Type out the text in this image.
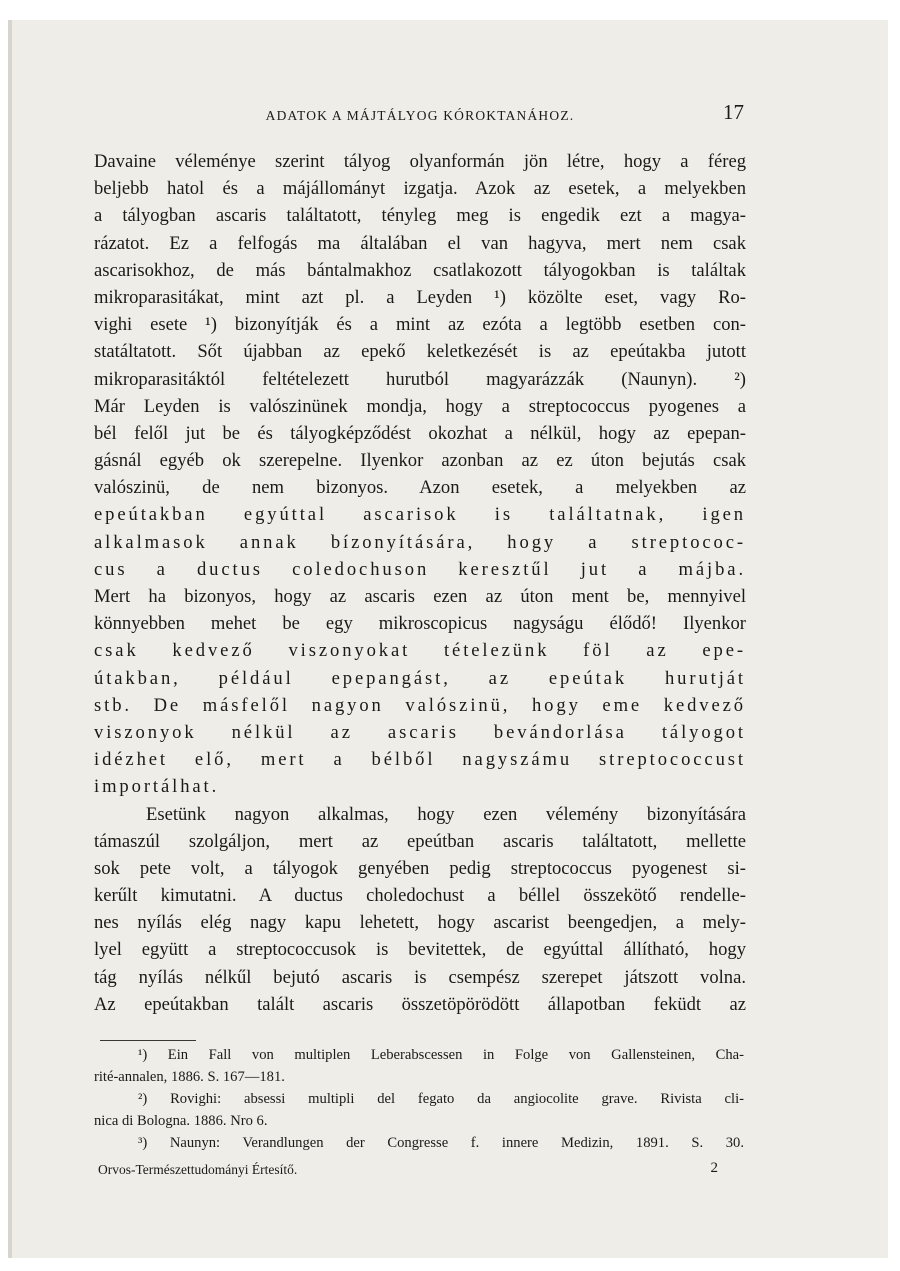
ADATOK A MÁJTÁLYOG KÓROKTANÁHOZ.	17
Davaine véleménye szerint tályog olyanformán jön létre, hogy a féreg
beljebb hatol és a májállományt izgatja. Azok az esetek, a melyekben
a tályogban ascaris találtatott, tényleg meg is engedik ezt a magya-
rázatot. Ez a felfogás ma általában el van hagyva, mert nem csak
ascarisokhoz, de más bántalmakhoz csatlakozott tályogokban is találtak
mikroparasitákat, mint azt pl. a Leyden ¹) közölte eset, vagy Ro-
vighi esete ¹) bizonyítják és a mint az ezóta a legtöbb esetben con-
statáltatott. Sőt újabban az epekő keletkezését is az epeútakba jutott
mikroparasitáktól feltételezett hurutból magyarázzák (Naunyn). ²)
Már Leyden is valószinünek mondja, hogy a streptococcus pyogenes a
bél felől jut be és tályogképződést okozhat a nélkül, hogy az epepan-
gásnál egyéb ok szerepelne. Ilyenkor azonban az ez úton bejutás csak
valószinü, de nem bizonyos. Azon esetek, a melyekben az
epeútakban egyúttal ascarisok is találtatnak, igen
alkalmasok annak bízonyítására, hogy a streptococ-
cus a ductus coledochuson keresztűl jut a májba.
Mert ha bizonyos, hogy az ascaris ezen az úton ment be, mennyivel
könnyebben mehet be egy mikroscopicus nagyságu élődő! Ilyenkor
csak kedvező viszonyokat tételezünk föl az epe-
útakban, például epepangást, az epeútak hurutját
stb. De másfelől nagyon valószinü, hogy eme kedvező
viszonyok nélkül az ascaris bevándorlása tályogot
idézhet elő, mert a bélből nagyszámu streptococcust
importálhat.
Esetünk nagyon alkalmas, hogy ezen vélemény bizonyítására
támaszúl szolgáljon, mert az epeútban ascaris találtatott, mellette
sok pete volt, a tályogok genyében pedig streptococcus pyogenest si-
kerűlt kimutatni. A ductus choledochust a béllel összekötő rendelle-
nes nyílás elég nagy kapu lehetett, hogy ascarist beengedjen, a mely-
lyel együtt a streptococcusok is bevitettek, de egyúttal állítható, hogy
tág nyílás nélkűl bejutó ascaris is csempész szerepet játszott volna.
Az epeútakban talált ascaris összetöpörödött állapotban feküdt az
¹) Ein Fall von multiplen Leberabscessen in Folge von Gallensteinen, Cha-
rité-annalen, 1886. S. 167—181.
²) Rovighi: absessi multipli del fegato da angiocolite grave. Rivista cli-
nica di Bologna. 1886. Nro 6.
³) Naunyn: Verandlungen der Congresse f. innere Medizin, 1891. S. 30.
Orvos-Természettudományi Értesítő.	2
